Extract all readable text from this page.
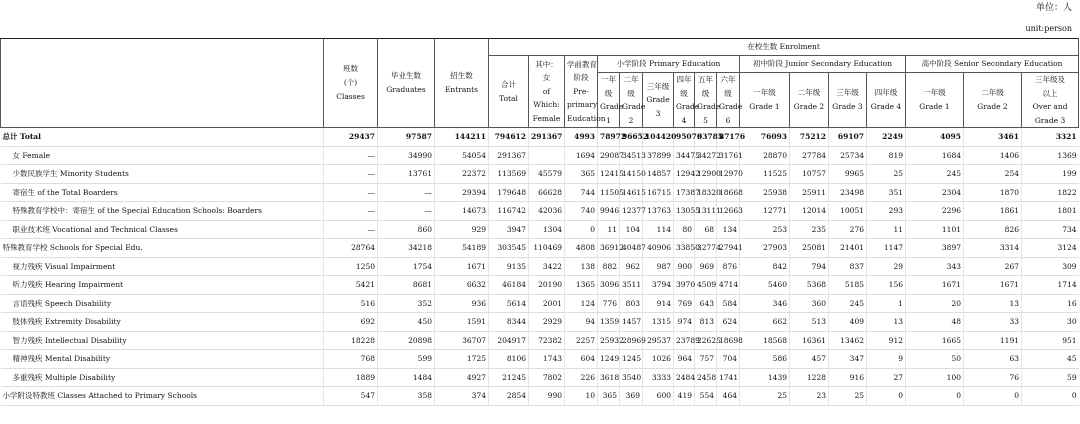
单位：人
unit:person
	班数
(个)
Classes	毕业生数
Graduates	招生数
Entrants	在校生数 Enrolment															
				合计
Total	其中：
女
of
Which:
Female	学前教育
阶段
Pre-
primary
Eudcation	小学阶段 Primary Education						初中阶段 Junior Secondary Education				高中阶段 Senior Secondary Education		
							一年
级
Grade
1	二年
级
Grade
2	三年级
Grade
3	四年
级
Grade
4	五年
级
Grade
5	六年
级
Grade
6	一年级
Grade 1	二年级
Grade 2	三年级
Grade 3	四年级
Grade 4	一年级
Grade 1	二年级
Grade 2	三年级及
以上
Over and
Grade 3
总计 Total	29437	97587	144211	794612	291367	4993	78972	96652	104420	95076	93785	87176	76093	75212	69107	2249	4095	3461	3321
女 Female	—	34990	54054	291367		1694	29087	34513	37899	34475	34272	31761	28870	27784	25734	819	1684	1406	1369
少数民族学生 Minority Students	—	13761	22372	113569	45579	365	12415	14150	14857	12942	12900	12970	11525	10757	9965	25	245	254	199
寄宿生 of the Total Boarders	—	—	29394	179648	66628	744	11505	14615	16715	17387	18320	18668	25938	25911	23498	351	2304	1870	1822
特殊教育学校中：寄宿生 of the Special Education Schools: Boarders	—	—	14673	116742	42036	740	9946	12377	13763	13055	13111	12663	12771	12014	10051	293	2296	1861	1801
职业技术班 Vocational and Technical Classes	—	860	929	3947	1304	0	11	104	114	80	68	134	253	235	276	11	1101	826	734
特殊教育学校 Schools for Special Edu.	28764	34218	54189	303545	110469	4808	36912	40487	40906	33850	32774	27941	27903	25081	21401	1147	3897	3314	3124
视力残疾 Visual Impairment	1250	1754	1671	9135	3422	138	882	962	987	900	969	876	842	794	837	29	343	267	309
听力残疾 Hearing Impairment	5421	8681	6632	46184	20190	1365	3096	3511	3794	3970	4509	4714	5460	5368	5185	156	1671	1671	1714
言语残疾 Speech Disability	516	352	936	5614	2001	124	776	803	914	769	643	584	346	360	245	1	20	13	16
肢体残疾 Extremity Disability	692	450	1591	8344	2929	94	1359	1457	1315	974	813	624	662	513	409	13	48	33	30
智力残疾 Intellectual Disability	18228	20898	36707	204917	72382	2257	25932	28969	29537	23789	22625	18698	18568	16361	13462	912	1665	1191	951
精神残疾 Mental Disability	768	599	1725	8106	1743	604	1249	1245	1026	964	757	704	586	457	347	9	50	63	45
多重残疾 Multiple Disability	1889	1484	4927	21245	7802	226	3618	3540	3333	2484	2458	1741	1439	1228	916	27	100	76	59
小学附设特教班 Classes Attached to Primary Schools	547	358	374	2854	990	10	365	369	600	419	554	464	25	23	25	0	0	0	0
